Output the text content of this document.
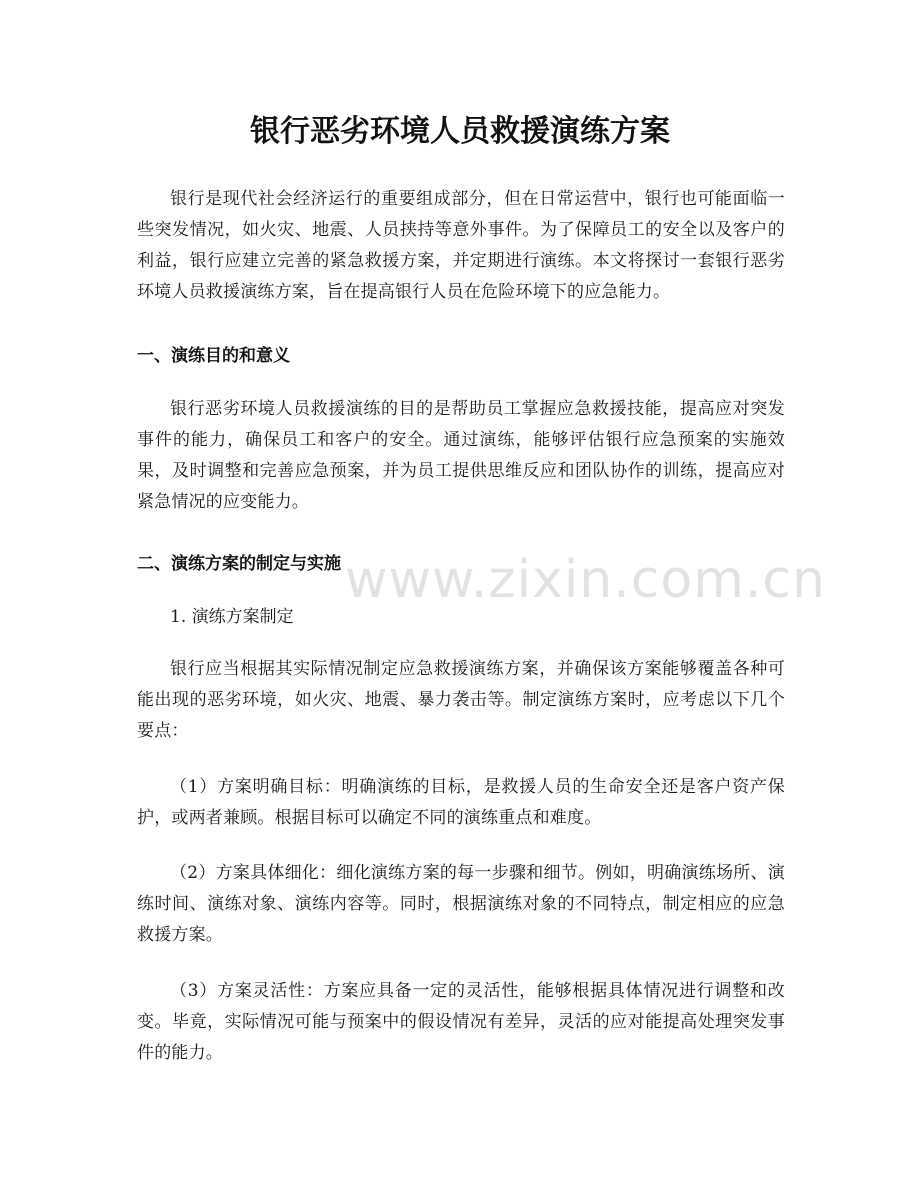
银行恶劣环境人员救援演练方案

银行是现代社会经济运行的重要组成部分，但在日常运营中，银行也可能面临一些突发情况，如火灾、地震、人员挟持等意外事件。为了保障员工的安全以及客户的利益，银行应建立完善的紧急救援方案，并定期进行演练。本文将探讨一套银行恶劣环境人员救援演练方案，旨在提高银行人员在危险环境下的应急能力。

一、演练目的和意义

银行恶劣环境人员救援演练的目的是帮助员工掌握应急救援技能，提高应对突发事件的能力，确保员工和客户的安全。通过演练，能够评估银行应急预案的实施效果，及时调整和完善应急预案，并为员工提供思维反应和团队协作的训练，提高应对紧急情况的应变能力。

二、演练方案的制定与实施

1. 演练方案制定

银行应当根据其实际情况制定应急救援演练方案，并确保该方案能够覆盖各种可能出现的恶劣环境，如火灾、地震、暴力袭击等。制定演练方案时，应考虑以下几个要点：

（1）方案明确目标：明确演练的目标，是救援人员的生命安全还是客户资产保护，或两者兼顾。根据目标可以确定不同的演练重点和难度。

（2）方案具体细化：细化演练方案的每一步骤和细节。例如，明确演练场所、演练时间、演练对象、演练内容等。同时，根据演练对象的不同特点，制定相应的应急救援方案。

（3）方案灵活性：方案应具备一定的灵活性，能够根据具体情况进行调整和改变。毕竟，实际情况可能与预案中的假设情况有差异，灵活的应对能提高处理突发事件的能力。

www.zixin.com.cn
